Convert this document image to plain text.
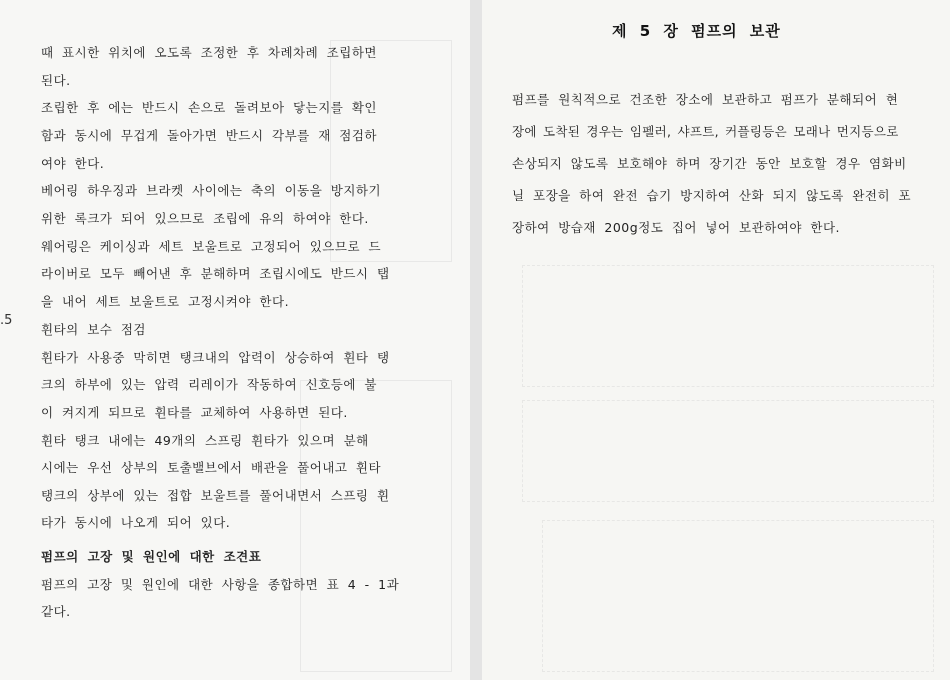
.5
때 표시한 위치에 오도록 조정한 후 차례차례 조립하면
된다.
조립한 후 에는 반드시 손으로 돌려보아 닿는지를 확인
함과 동시에 무겁게 돌아가면 반드시 각부를 재 점검하
여야 한다.
베어링 하우징과 브라켓 사이에는 축의 이동을 방지하기
위한 록크가 되어 있으므로 조립에 유의 하여야 한다.
웨어링은 케이싱과 세트 보울트로 고정되어 있으므로 드
라이버로 모두 빼어낸 후 분해하며 조립시에도 반드시 탭
을 내어 세트 보울트로 고정시켜야 한다.
휜타의 보수 점검
휜타가 사용중 막히면 탱크내의 압력이 상승하여 휜타 탱
크의 하부에 있는 압력 리레이가 작동하여 신호등에 불
이 켜지게 되므로 휜타를 교체하여 사용하면 된다.
휜타 탱크 내에는 49개의 스프링 휜타가 있으며 분해
시에는 우선 상부의 토출밸브에서 배관을 풀어내고 휜타
탱크의 상부에 있는 접합 보울트를 풀어내면서 스프링 휜
타가 동시에 나오게 되어 있다.
펌프의 고장 및 원인에 대한 조견표
펌프의 고장 및 원인에 대한 사항을 종합하면 표 4 - 1과
같다.
제 5 장 펌프의 보관
펌프를 원칙적으로 건조한 장소에 보관하고 펌프가 분해되어 현
장에 도착된 경우는 임펠러, 샤프트, 커플링등은 모래나 먼지등으로
손상되지 않도록 보호해야 하며 장기간 동안 보호할 경우 염화비
닐 포장을 하여 완전 습기 방지하여 산화 되지 않도록 완전히 포
장하여 방습재 200g정도 집어 넣어 보관하여야 한다.
